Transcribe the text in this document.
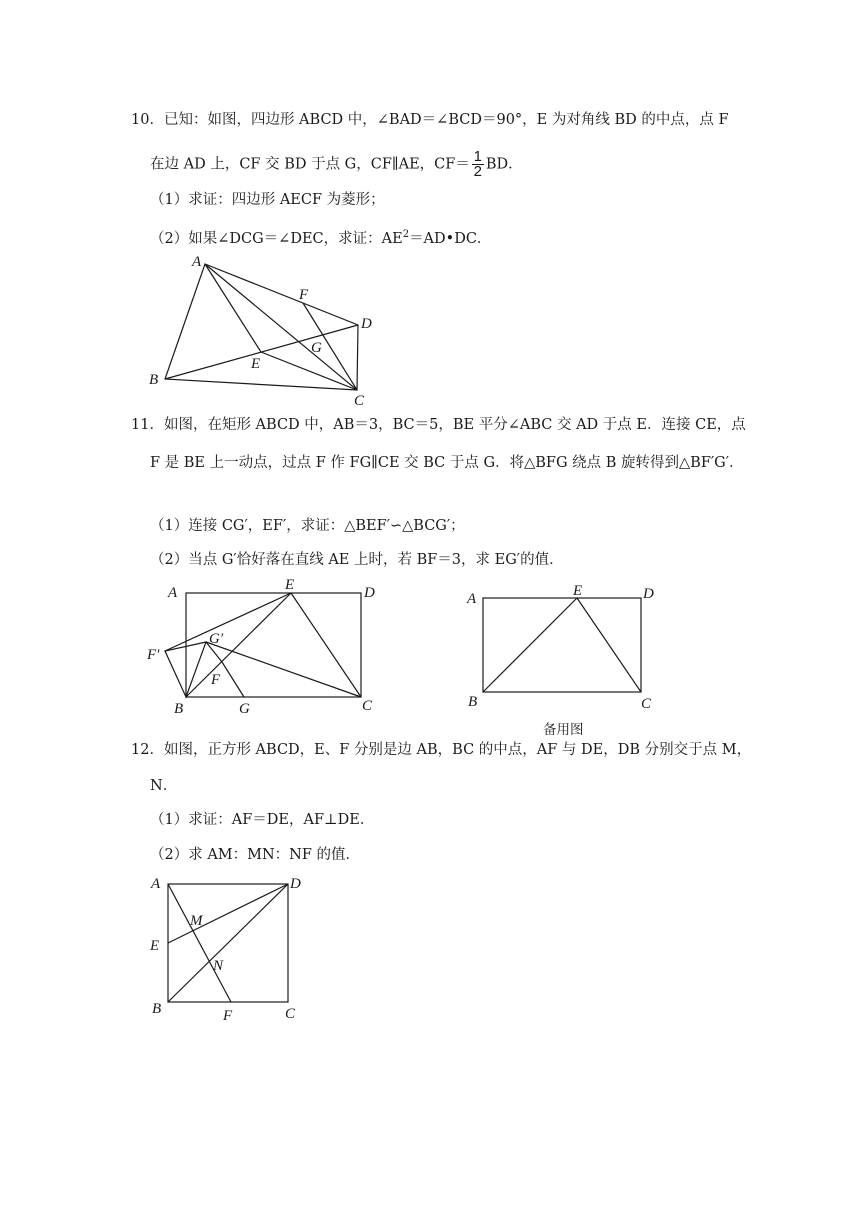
10．已知：如图，四边形 ABCD 中，∠BAD＝∠BCD＝90°，E 为对角线 BD 的中点，点 F
在边 AD 上，CF 交 BD 于点 G，CF∥AE，$CF= \frac{1}{2}$ BD．
（1）求证：四边形 AECF 为菱形；
（2）如果∠DCG＝∠DEC，求证：$AE^2=AD•DC$．
A
B
C
D
E
F
G
11．如图，在矩形 ABCD 中，AB＝3，BC＝5，BE 平分∠ABC 交 AD 于点 E．连接 CE，点
F 是 BE 上一动点，过点 F 作 FG∥CE 交 BC 于点 G．将△BFG 绕点 B 旋转得到△BF′G′．
（1）连接 CG′，EF′，求证：△BEF′∽△BCG′；
（2）当点 G′恰好落在直线 AE 上时，若 BF＝3，求 EG′的值．
A
B	C
D
E
F
G
F′
G′
A
B	C
D
E
备用图
12．如图，正方形 ABCD，E、F 分别是边 AB，BC 的中点，AF 与 DE，DB 分别交于点 M，
N．
（1）求证：AF＝DE，AF⊥DE．
（2）求 AM：MN：NF 的值．
A
B	C
D
E
F
M
N
